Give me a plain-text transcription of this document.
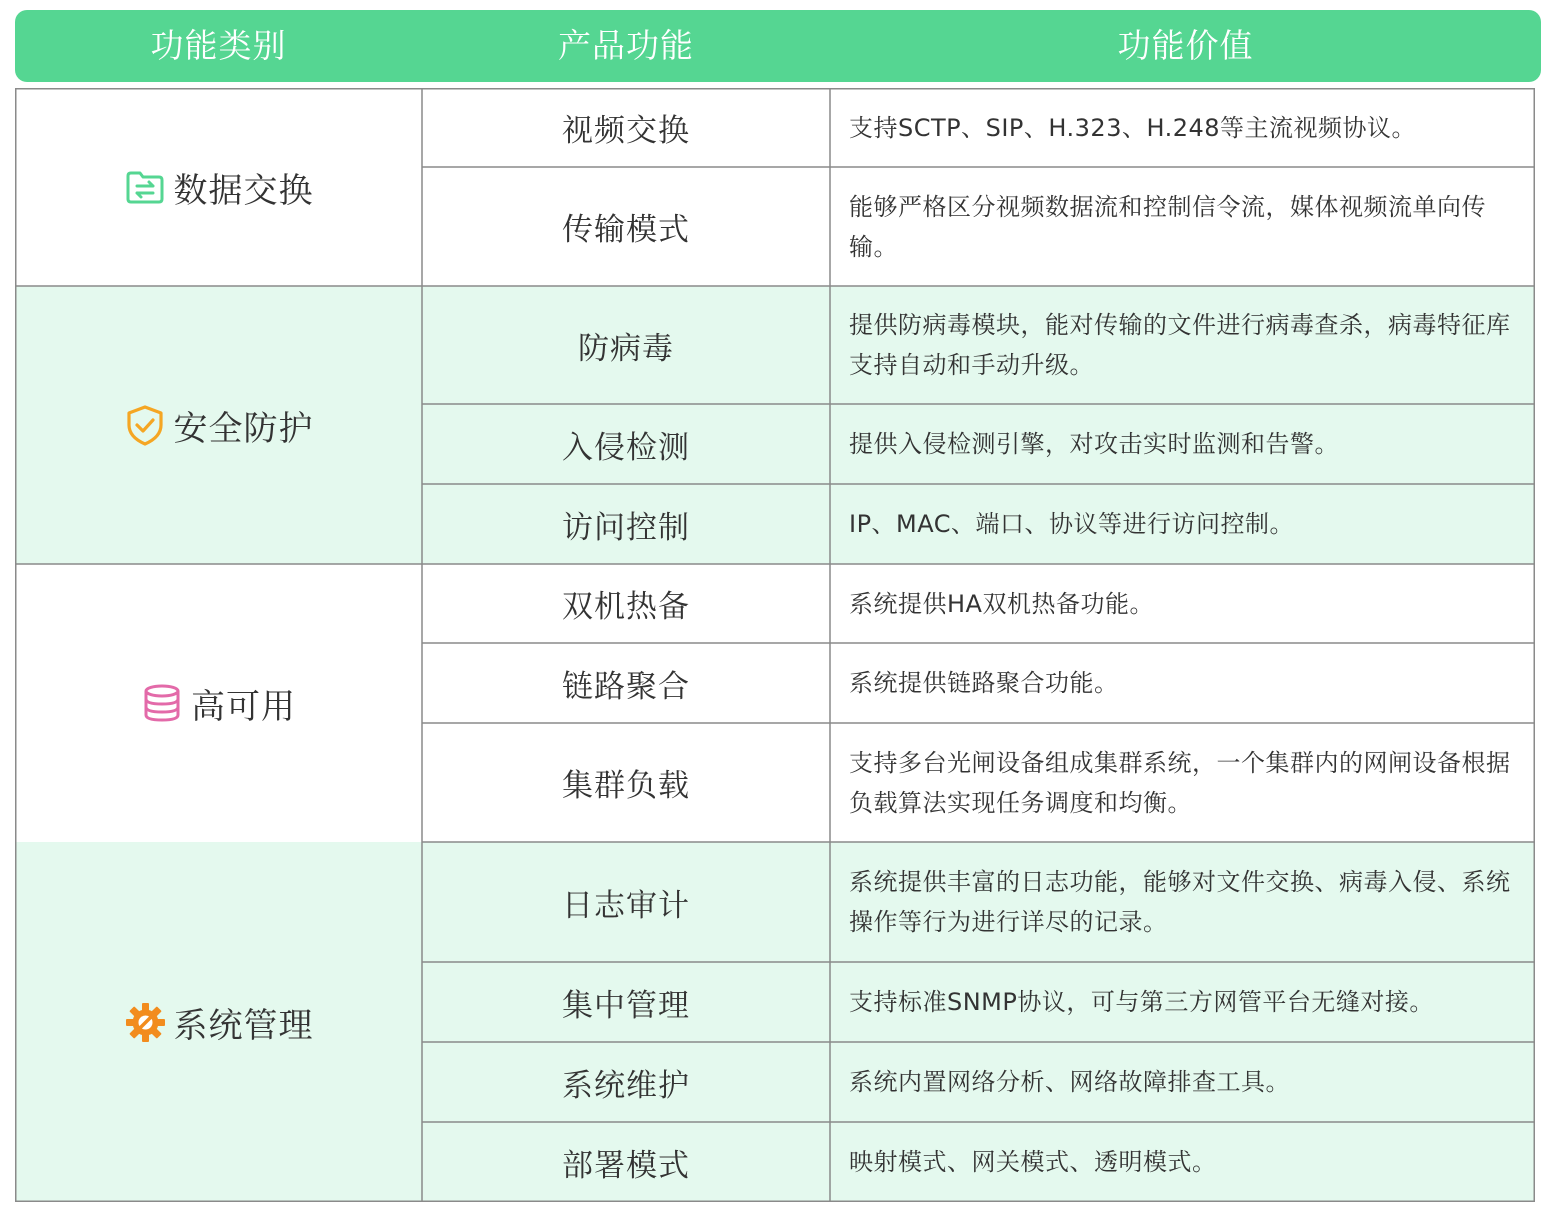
功能类别	产品功能	功能价值
数据交换
安全防护
高可用
系统管理
视频交换
传输模式
防病毒
入侵检测
访问控制
双机热备
链路聚合
集群负载
日志审计
集中管理
系统维护
部署模式
支持SCTP、SIP、H.323、H.248等主流视频协议。
能够严格区分视频数据流和控制信令流，媒体视频流单向传输。
提供防病毒模块，能对传输的文件进行病毒查杀，病毒特征库支持自动和手动升级。
提供入侵检测引擎，对攻击实时监测和告警。
IP、MAC、端口、协议等进行访问控制。
系统提供HA双机热备功能。
系统提供链路聚合功能。
支持多台光闸设备组成集群系统，一个集群内的网闸设备根据负载算法实现任务调度和均衡。
系统提供丰富的日志功能，能够对文件交换、病毒入侵、系统操作等行为进行详尽的记录。
支持标准SNMP协议，可与第三方网管平台无缝对接。
系统内置网络分析、网络故障排查工具。
映射模式、网关模式、透明模式。
